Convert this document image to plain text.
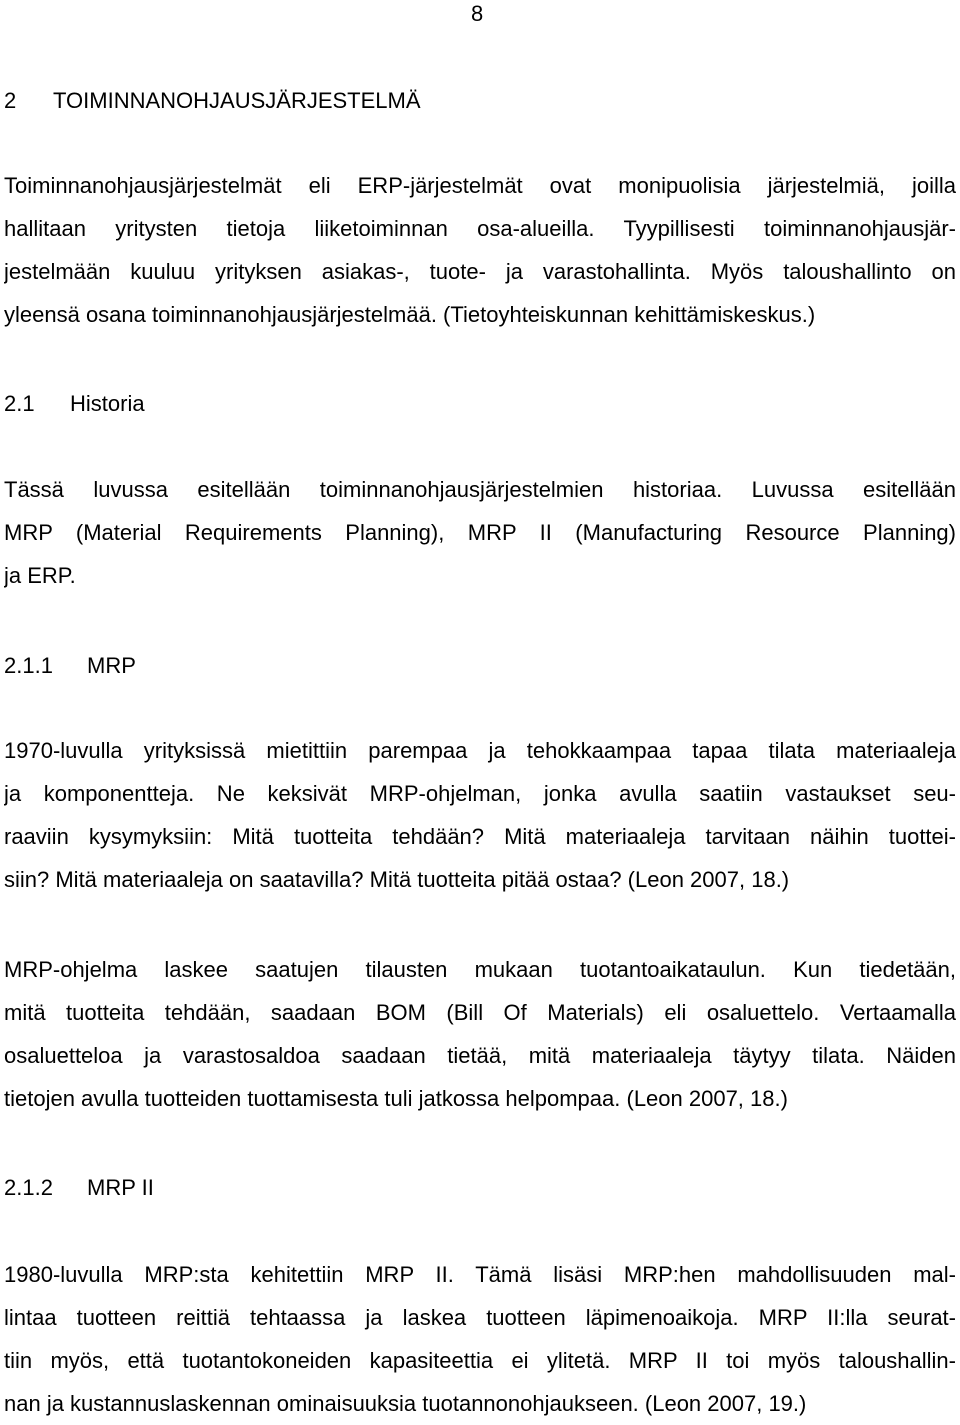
8
2 TOIMINNANOHJAUSJÄRJESTELMÄ
Toiminnanohjausjärjestelmät eli ERP-järjestelmät ovat monipuolisia järjestelmiä, joilla
hallitaan yritysten tietoja liiketoiminnan osa-alueilla. Tyypillisesti toiminnanohjausjär-
jestelmään kuuluu yrityksen asiakas-, tuote- ja varastohallinta. Myös taloushallinto on
yleensä osana toiminnanohjausjärjestelmää. (Tietoyhteiskunnan kehittämiskeskus.)
2.1 Historia
Tässä luvussa esitellään toiminnanohjausjärjestelmien historiaa. Luvussa esitellään
MRP (Material Requirements Planning), MRP II (Manufacturing Resource Planning)
ja ERP.
2.1.1 MRP
1970-luvulla yrityksissä mietittiin parempaa ja tehokkaampaa tapaa tilata materiaaleja
ja komponentteja. Ne keksivät MRP-ohjelman, jonka avulla saatiin vastaukset seu-
raaviin kysymyksiin: Mitä tuotteita tehdään? Mitä materiaaleja tarvitaan näihin tuottei-
siin? Mitä materiaaleja on saatavilla? Mitä tuotteita pitää ostaa? (Leon 2007, 18.)
MRP-ohjelma laskee saatujen tilausten mukaan tuotantoaikataulun. Kun tiedetään,
mitä tuotteita tehdään, saadaan BOM (Bill Of Materials) eli osaluettelo. Vertaamalla
osaluetteloa ja varastosaldoa saadaan tietää, mitä materiaaleja täytyy tilata. Näiden
tietojen avulla tuotteiden tuottamisesta tuli jatkossa helpompaa. (Leon 2007, 18.)
2.1.2 MRP II
1980-luvulla MRP:sta kehitettiin MRP II. Tämä lisäsi MRP:hen mahdollisuuden mal-
lintaa tuotteen reittiä tehtaassa ja laskea tuotteen läpimenoaikoja. MRP II:lla seurat-
tiin myös, että tuotantokoneiden kapasiteettia ei ylitetä. MRP II toi myös taloushallin-
nan ja kustannuslaskennan ominaisuuksia tuotannonohjaukseen. (Leon 2007, 19.)
